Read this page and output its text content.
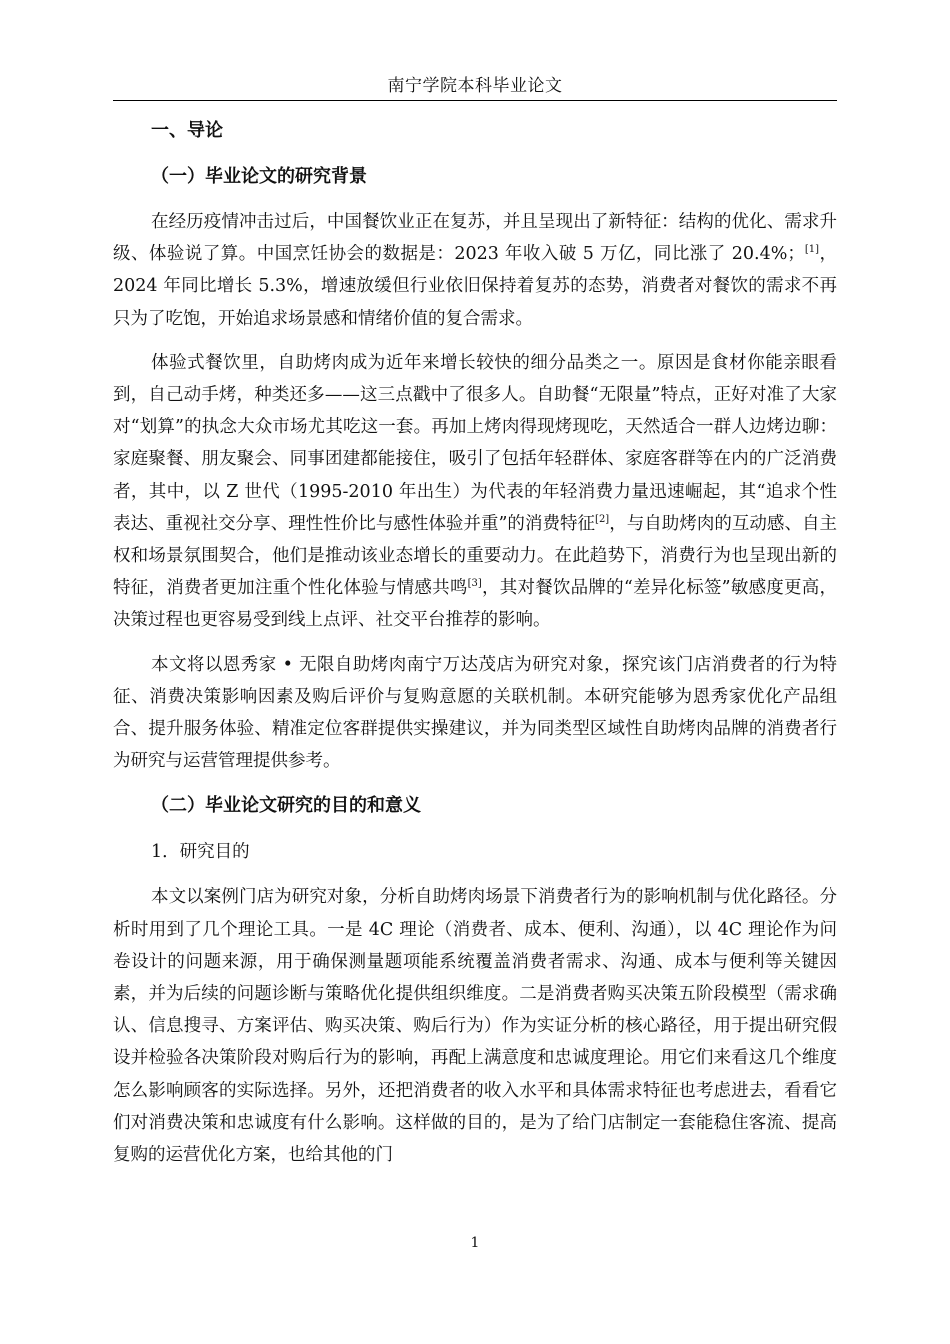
南宁学院本科毕业论文
一、导论
（一）毕业论文的研究背景

在经历疫情冲击过后，中国餐饮业正在复苏，并且呈现出了新特征：结构的优化、需求升级、体验说了算。中国烹饪协会的数据是：2023 年收入破 5 万亿，同比涨了 20.4%；[1]，2024 年同比增长 5.3%，增速放缓但行业依旧保持着复苏的态势，消费者对餐饮的需求不再只为了吃饱，开始追求场景感和情绪价值的复合需求。

体验式餐饮里，自助烤肉成为近年来增长较快的细分品类之一。原因是食材你能亲眼看到，自己动手烤，种类还多——这三点戳中了很多人。自助餐“无限量”特点，正好对准了大家对“划算”的执念大众市场尤其吃这一套。再加上烤肉得现烤现吃，天然适合一群人边烤边聊：家庭聚餐、朋友聚会、同事团建都能接住，吸引了包括年轻群体、家庭客群等在内的广泛消费者，其中，以 Z 世代（1995-2010 年出生）为代表的年轻消费力量迅速崛起，其“追求个性表达、重视社交分享、理性性价比与感性体验并重”的消费特征[2]，与自助烤肉的互动感、自主权和场景氛围契合，他们是推动该业态增长的重要动力。在此趋势下，消费行为也呈现出新的特征，消费者更加注重个性化体验与情感共鸣[3]，其对餐饮品牌的“差异化标签”敏感度更高，决策过程也更容易受到线上点评、社交平台推荐的影响。

本文将以恩秀家 • 无限自助烤肉南宁万达茂店为研究对象，探究该门店消费者的行为特征、消费决策影响因素及购后评价与复购意愿的关联机制。本研究能够为恩秀家优化产品组合、提升服务体验、精准定位客群提供实操建议，并为同类型区域性自助烤肉品牌的消费者行为研究与运营管理提供参考。

（二）毕业论文研究的目的和意义
1．研究目的

本文以案例门店为研究对象，分析自助烤肉场景下消费者行为的影响机制与优化路径。分析时用到了几个理论工具。一是 4C 理论（消费者、成本、便利、沟通），以 4C 理论作为问卷设计的问题来源，用于确保测量题项能系统覆盖消费者需求、沟通、成本与便利等关键因素，并为后续的问题诊断与策略优化提供组织维度。二是消费者购买决策五阶段模型（需求确认、信息搜寻、方案评估、购买决策、购后行为）作为实证分析的核心路径，用于提出研究假设并检验各决策阶段对购后行为的影响，再配上满意度和忠诚度理论。用它们来看这几个维度怎么影响顾客的实际选择。另外，还把消费者的收入水平和具体需求特征也考虑进去，看看它们对消费决策和忠诚度有什么影响。这样做的目的，是为了给门店制定一套能稳住客流、提高复购的运营优化方案，也给其他的门

1
